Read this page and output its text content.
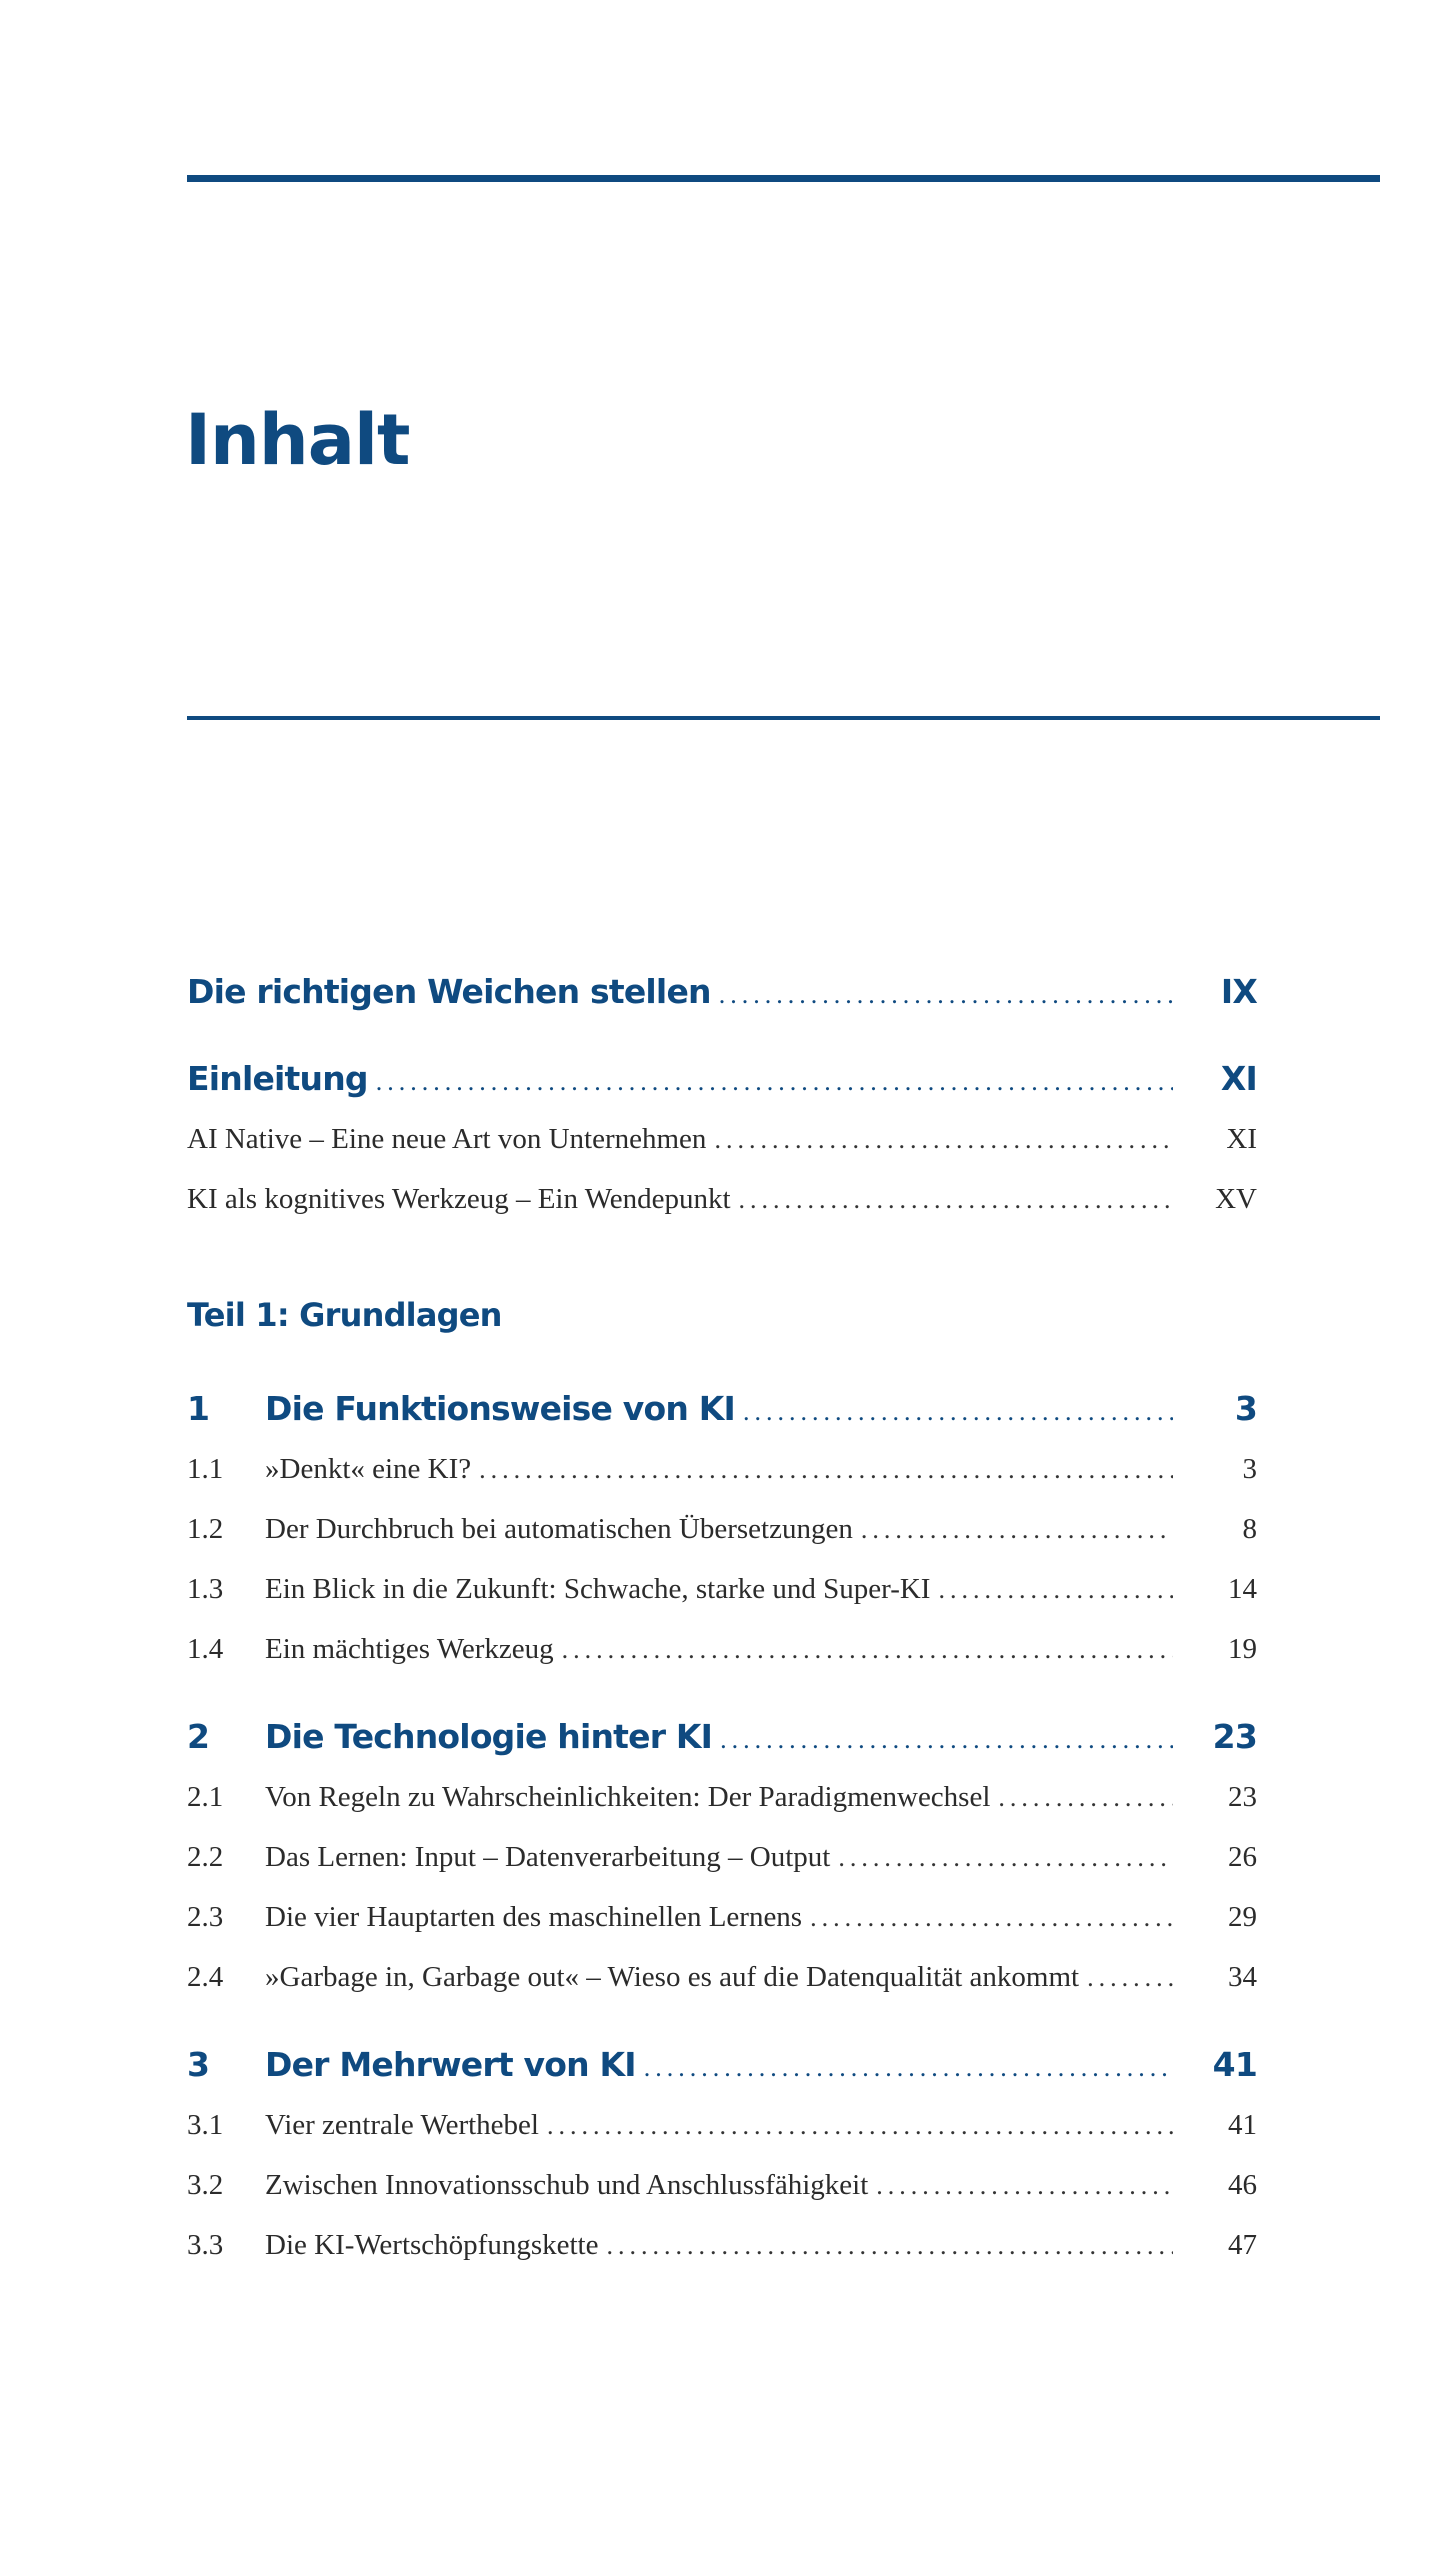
Inhalt
Die richtigen Weichen stellen .....	IX
Einleitung .....	XI
AI Native – Eine neue Art von Unternehmen .....	XI
KI als kognitives Werkzeug – Ein Wendepunkt .....	XV
Teil 1: Grundlagen
1	Die Funktionsweise von KI .....	3
1.1	»Denkt« eine KI? .....	3
1.2	Der Durchbruch bei automatischen Übersetzungen .....	8
1.3	Ein Blick in die Zukunft: Schwache, starke und Super-KI .....	14
1.4	Ein mächtiges Werkzeug .....	19
2	Die Technologie hinter KI .....	23
2.1	Von Regeln zu Wahrscheinlichkeiten: Der Paradigmenwechsel .....	23
2.2	Das Lernen: Input – Datenverarbeitung – Output .....	26
2.3	Die vier Hauptarten des maschinellen Lernens .....	29
2.4	»Garbage in, Garbage out« – Wieso es auf die Datenqualität ankommt .....	34
3	Der Mehrwert von KI .....	41
3.1	Vier zentrale Werthebel .....	41
3.2	Zwischen Innovationsschub und Anschlussfähigkeit .....	46
3.3	Die KI-Wertschöpfungskette .....	47
